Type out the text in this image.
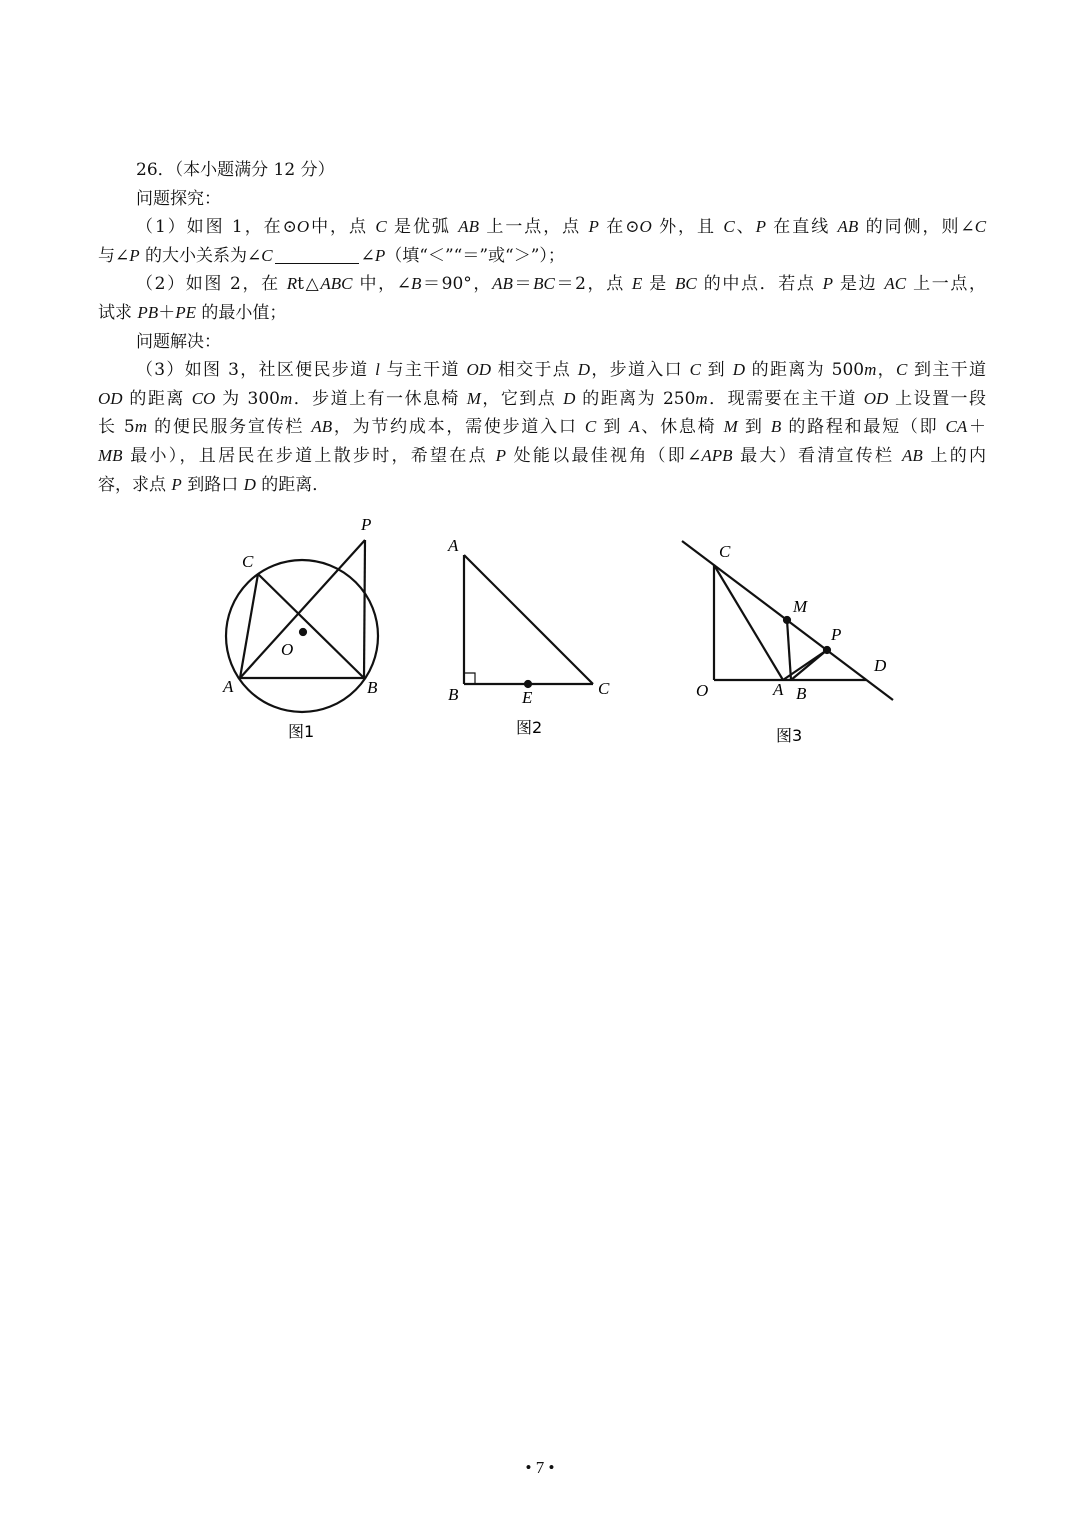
26．（本小题满分 12 分）
问题探究：
（1）如图 1，在⊙O中，点 C 是优弧 AB 上一点，点 P 在⊙O 外，且 C、P 在直线 AB 的同侧，则∠C
与∠P 的大小关系为∠C	∠P（填“＜”“＝”或“＞”）；
（2）如图 2，在 Rt△ABC 中，∠B＝90°，AB＝BC＝2，点 E 是 BC 的中点．若点 P 是边 AC 上一点，
试求 PB＋PE 的最小值；
问题解决：
（3）如图 3，社区便民步道 l 与主干道 OD 相交于点 D，步道入口 C 到 D 的距离为 500m，C 到主干道
OD 的距离 CO 为 300m．步道上有一休息椅 M，它到点 D 的距离为 250m．现需要在主干道 OD 上设置一段
长 5m 的便民服务宣传栏 AB，为节约成本，需使步道入口 C 到 A、休息椅 M 到 B 的路程和最短（即 CA＋
MB 最小），且居民在步道上散步时，希望在点 P 处能以最佳视角（即∠APB 最大）看清宣传栏 AB 上的内
容，求点 P 到路口 D 的距离．
C
P
O
A	B
图1
A
B	E	C
图2
C
M
P
D
O	A B
图3
• 7 •
